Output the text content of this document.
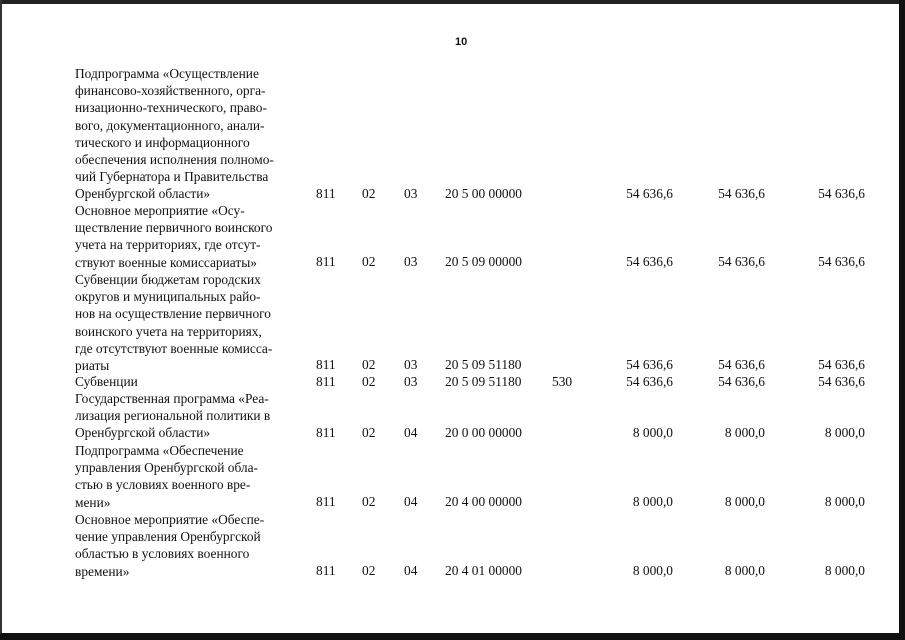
10
Подпрограмма «Осуществление
финансово-хозяйственного, орга-
низационно-технического, право-
вого, документационного, анали-
тического и информационного
обеспечения исполнения полномо-
чий Губернатора и Правительства
Оренбургской области»	811 02 03 20 5 00 00000	54 636,6	54 636,6	54 636,6
Основное мероприятие «Осу-
ществление первичного воинского
учета на территориях, где отсут-
ствуют военные комиссариаты»	811 02 03 20 5 09 00000	54 636,6	54 636,6	54 636,6
Субвенции бюджетам городских
округов и муниципальных райо-
нов на осуществление первичного
воинского учета на территориях,
где отсутствуют военные комисса-
риаты	811 02 03 20 5 09 51180	54 636,6	54 636,6	54 636,6
Субвенции	811 02 03 20 5 09 51180 530	54 636,6	54 636,6	54 636,6
Государственная программа «Реа-
лизация региональной политики в
Оренбургской области»	811 02 04 20 0 00 00000	8 000,0	8 000,0	8 000,0
Подпрограмма «Обеспечение
управления Оренбургской обла-
стью в условиях военного вре-
мени»	811 02 04 20 4 00 00000	8 000,0	8 000,0	8 000,0
Основное мероприятие «Обеспе-
чение управления Оренбургской
областью в условиях военного
времени»	811 02 04 20 4 01 00000	8 000,0	8 000,0	8 000,0
